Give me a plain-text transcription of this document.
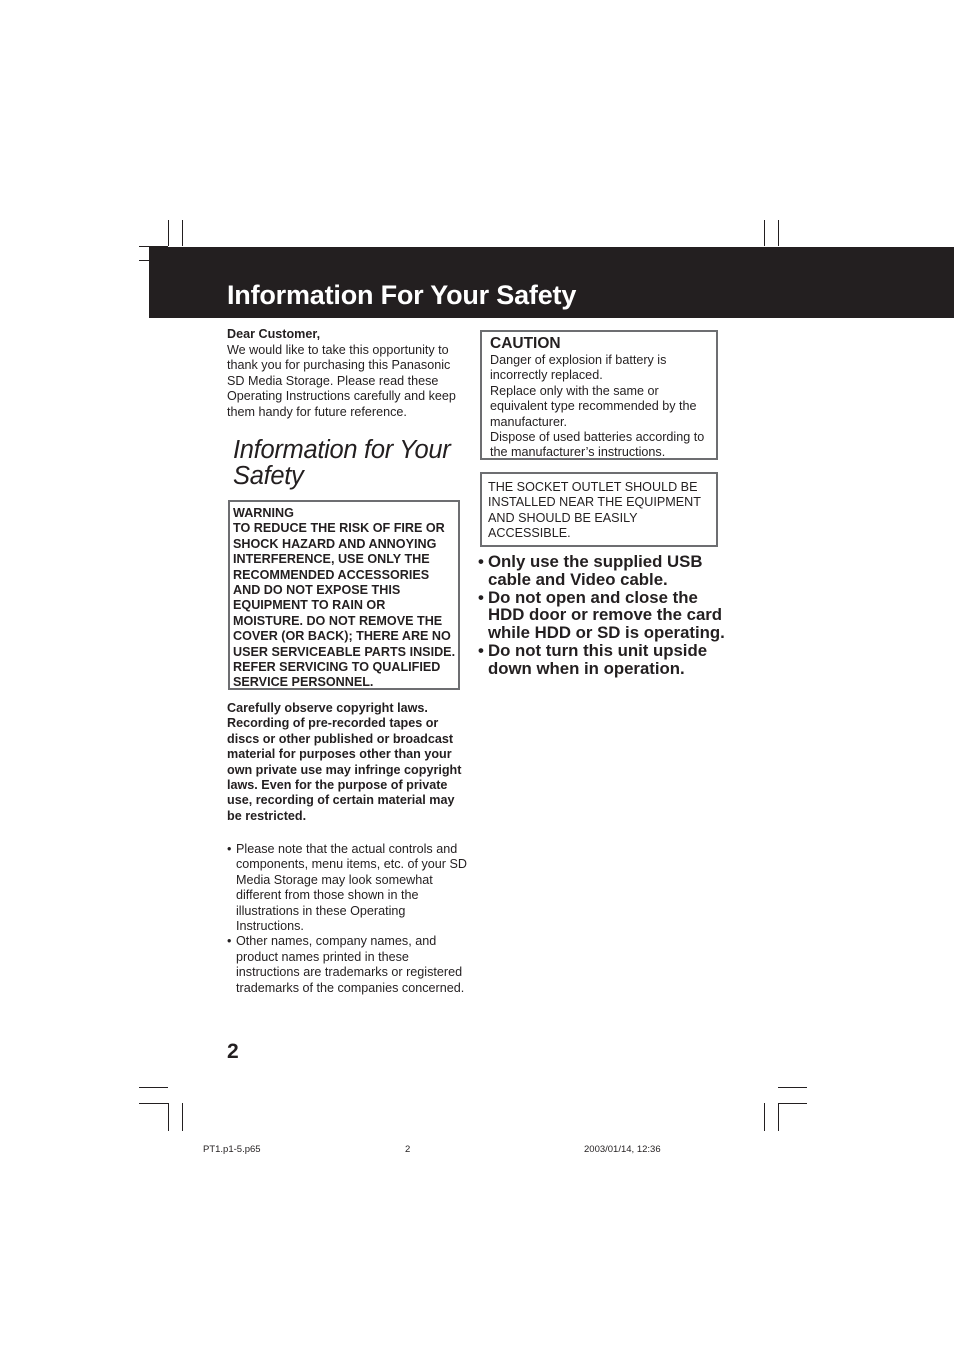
Information For Your Safety
Dear Customer,
We would like to take this opportunity to thank you for purchasing this Panasonic SD Media Storage. Please read these Operating Instructions carefully and keep them handy for future reference.
Information for Your Safety
WARNING
TO REDUCE THE RISK OF FIRE OR SHOCK HAZARD AND ANNOYING INTERFERENCE, USE ONLY THE RECOMMENDED ACCESSORIES AND DO NOT EXPOSE THIS EQUIPMENT TO RAIN OR MOISTURE. DO NOT REMOVE THE COVER (OR BACK); THERE ARE NO USER SERVICEABLE PARTS INSIDE. REFER SERVICING TO QUALIFIED SERVICE PERSONNEL.
Carefully observe copyright laws. Recording of pre-recorded tapes or discs or other published or broadcast material for purposes other than your own private use may infringe copyright laws. Even for the purpose of private use, recording of certain material may be restricted.
• Please note that the actual controls and components, menu items, etc. of your SD Media Storage may look somewhat different from those shown in the illustrations in these Operating Instructions.
• Other names, company names, and product names printed in these instructions are trademarks or registered trademarks of the companies concerned.
2
CAUTION
Danger of explosion if battery is incorrectly replaced.
Replace only with the same or equivalent type recommended by the manufacturer.
Dispose of used batteries according to the manufacturer’s instructions.
THE SOCKET OUTLET SHOULD BE INSTALLED NEAR THE EQUIPMENT AND SHOULD BE EASILY ACCESSIBLE.
• Only use the supplied USB cable and Video cable.
• Do not open and close the HDD door or remove the card while HDD or SD is operating.
• Do not turn this unit upside down when in operation.
PT1.p1-5.p65	2	2003/01/14, 12:36
